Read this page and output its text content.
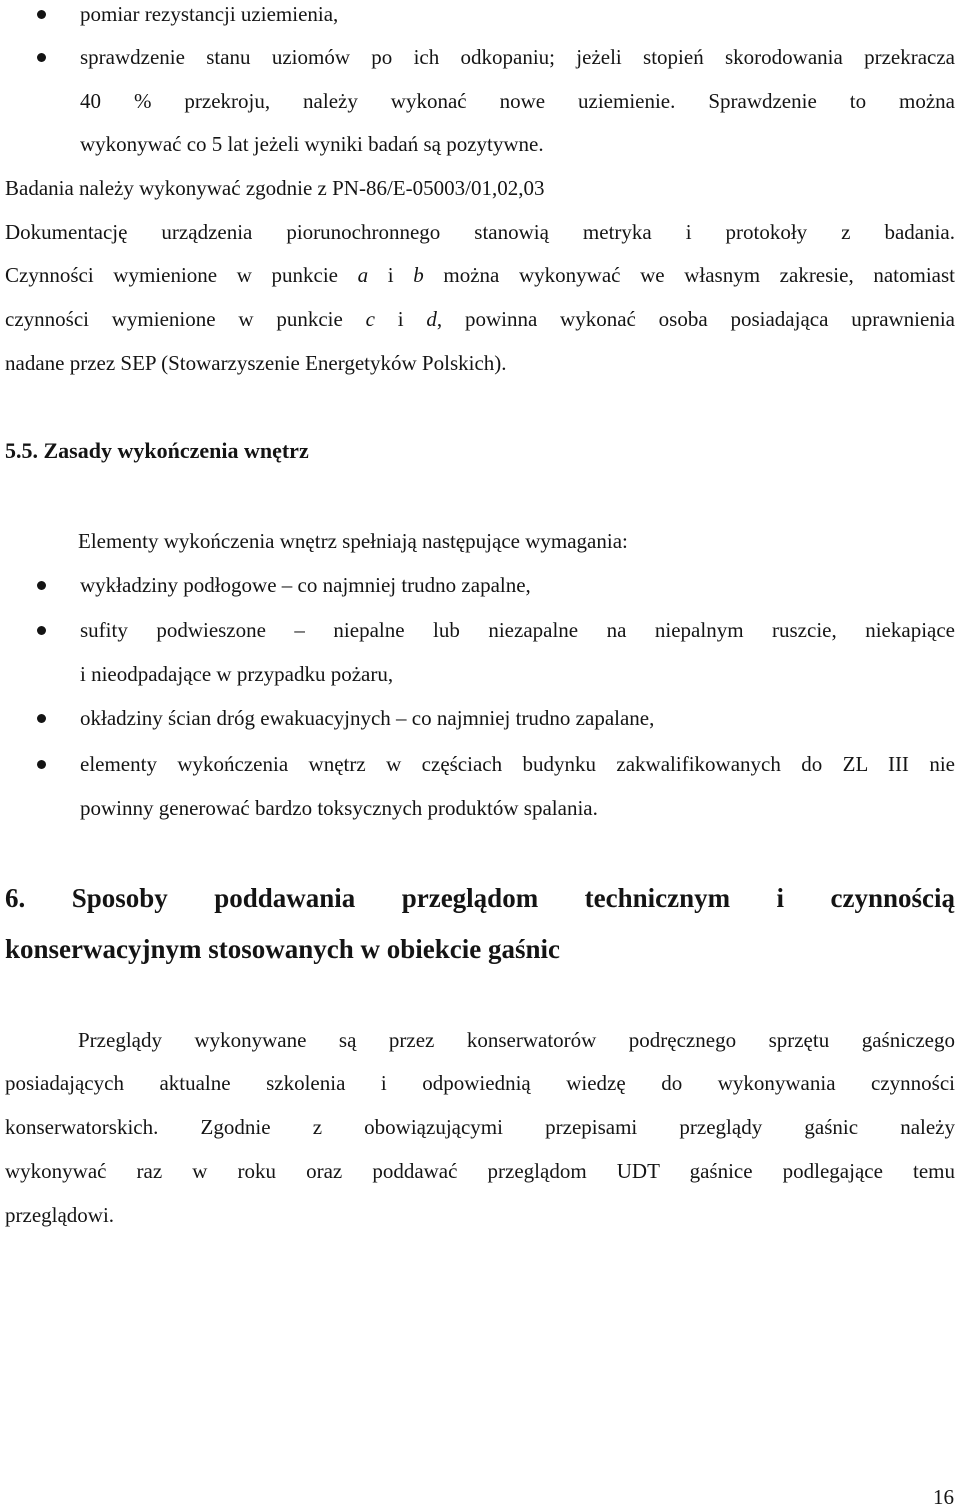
pomiar rezystancji uziemienia,
sprawdzenie stanu uziomów po ich odkopaniu; jeżeli stopień skorodowania przekracza
40 % przekroju, należy wykonać nowe uziemienie. Sprawdzenie to można
wykonywać co 5 lat jeżeli wyniki badań są pozytywne.
Badania należy wykonywać zgodnie z PN-86/E-05003/01,02,03
Dokumentację urządzenia piorunochronnego stanowią metryka i protokoły z badania.
Czynności wymienione w punkcie a i b można wykonywać we własnym zakresie, natomiast
czynności wymienione w punkcie c i d, powinna wykonać osoba posiadająca uprawnienia
nadane przez SEP (Stowarzyszenie Energetyków Polskich).
5.5. Zasady wykończenia wnętrz
Elementy wykończenia wnętrz spełniają następujące wymagania:
wykładziny podłogowe – co najmniej trudno zapalne,
sufity podwieszone – niepalne lub niezapalne na niepalnym ruszcie, niekapiące
i nieodpadające w przypadku pożaru,
okładziny ścian dróg ewakuacyjnych – co najmniej trudno zapalane,
elementy wykończenia wnętrz w częściach budynku zakwalifikowanych do ZL III nie
powinny generować bardzo toksycznych produktów spalania.
6. Sposoby poddawania przeglądom technicznym i czynnością
konserwacyjnym stosowanych w obiekcie gaśnic
Przeglądy wykonywane są przez konserwatorów podręcznego sprzętu gaśniczego
posiadających aktualne szkolenia i odpowiednią wiedzę do wykonywania czynności
konserwatorskich. Zgodnie z obowiązującymi przepisami przeglądy gaśnic należy
wykonywać raz w roku oraz poddawać przeglądom UDT gaśnice podlegające temu
przeglądowi.
16
